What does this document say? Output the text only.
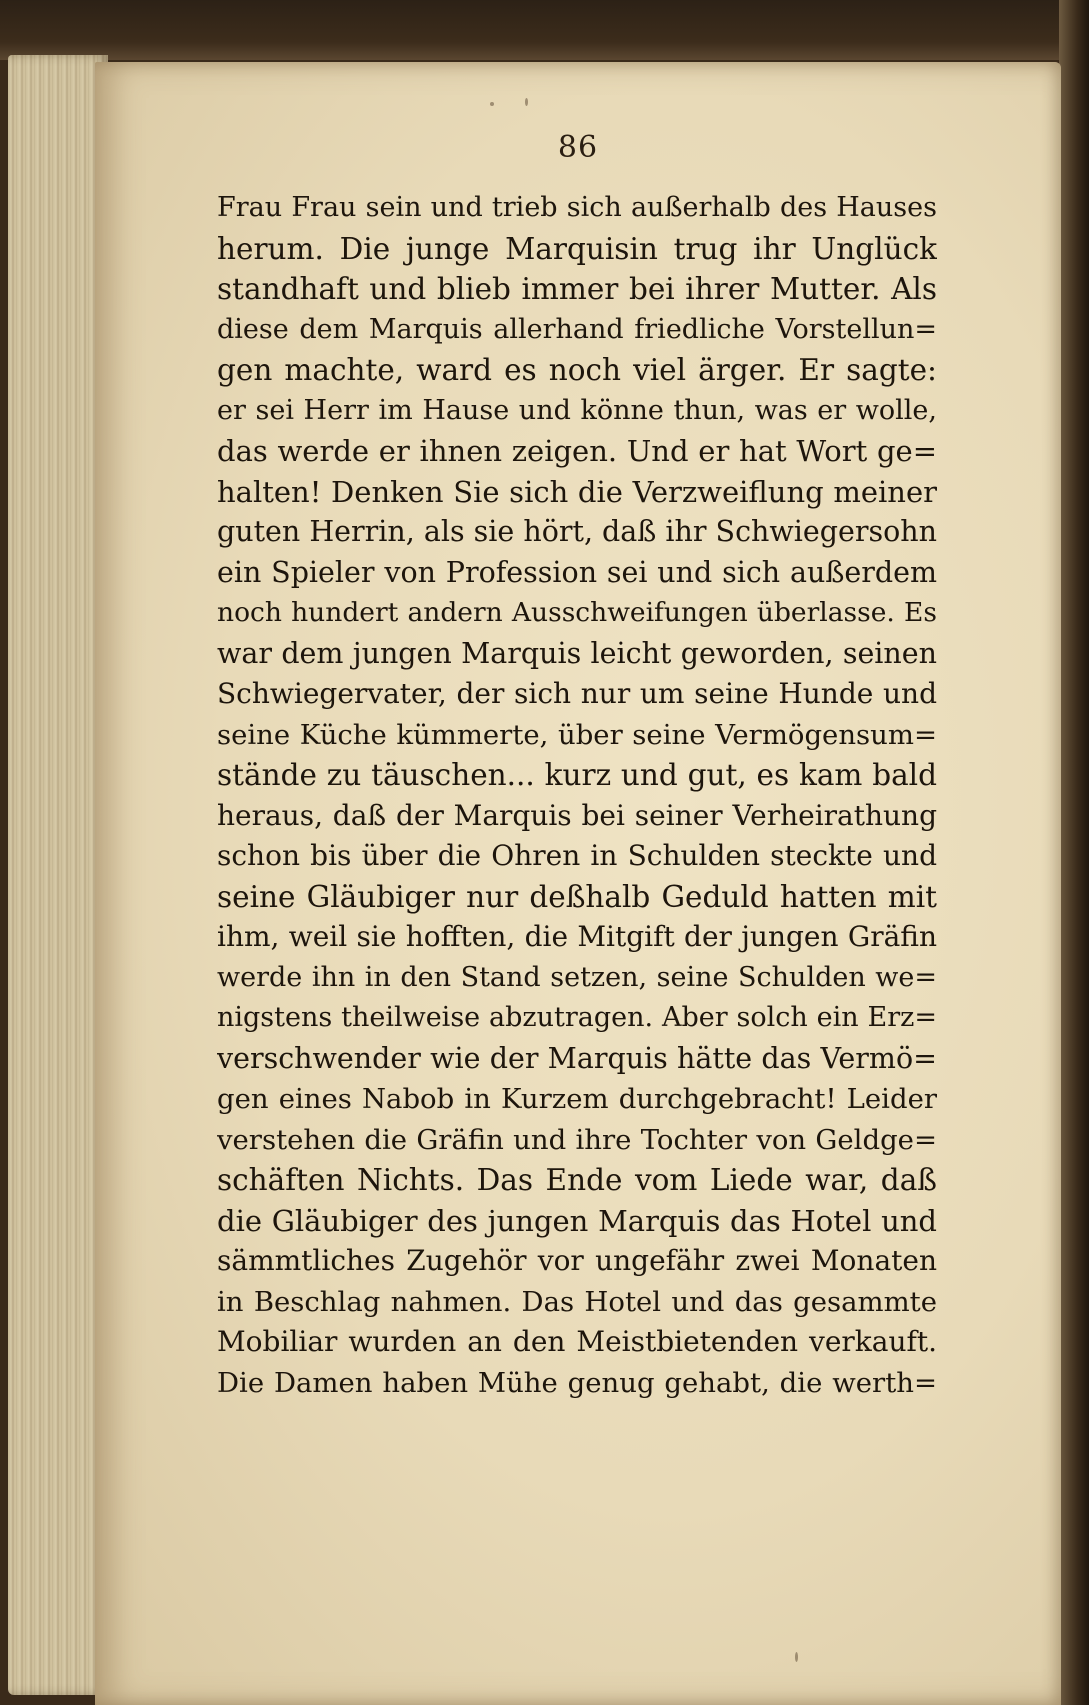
86
Frau Frau sein und trieb sich außerhalb des Hauses
herum. Die junge Marquisin trug ihr Unglück
standhaft und blieb immer bei ihrer Mutter. Als
diese dem Marquis allerhand friedliche Vorstellun=
gen machte, ward es noch viel ärger. Er sagte:
er sei Herr im Hause und könne thun, was er wolle,
das werde er ihnen zeigen. Und er hat Wort ge=
halten! Denken Sie sich die Verzweiflung meiner
guten Herrin, als sie hört, daß ihr Schwiegersohn
ein Spieler von Profession sei und sich außerdem
noch hundert andern Ausschweifungen überlasse. Es
war dem jungen Marquis leicht geworden, seinen
Schwiegervater, der sich nur um seine Hunde und
seine Küche kümmerte, über seine Vermögensum=
stände zu täuschen... kurz und gut, es kam bald
heraus, daß der Marquis bei seiner Verheirathung
schon bis über die Ohren in Schulden steckte und
seine Gläubiger nur deßhalb Geduld hatten mit
ihm, weil sie hofften, die Mitgift der jungen Gräfin
werde ihn in den Stand setzen, seine Schulden we=
nigstens theilweise abzutragen. Aber solch ein Erz=
verschwender wie der Marquis hätte das Vermö=
gen eines Nabob in Kurzem durchgebracht! Leider
verstehen die Gräfin und ihre Tochter von Geldge=
schäften Nichts. Das Ende vom Liede war, daß
die Gläubiger des jungen Marquis das Hotel und
sämmtliches Zugehör vor ungefähr zwei Monaten
in Beschlag nahmen. Das Hotel und das gesammte
Mobiliar wurden an den Meistbietenden verkauft.
Die Damen haben Mühe genug gehabt, die werth=
